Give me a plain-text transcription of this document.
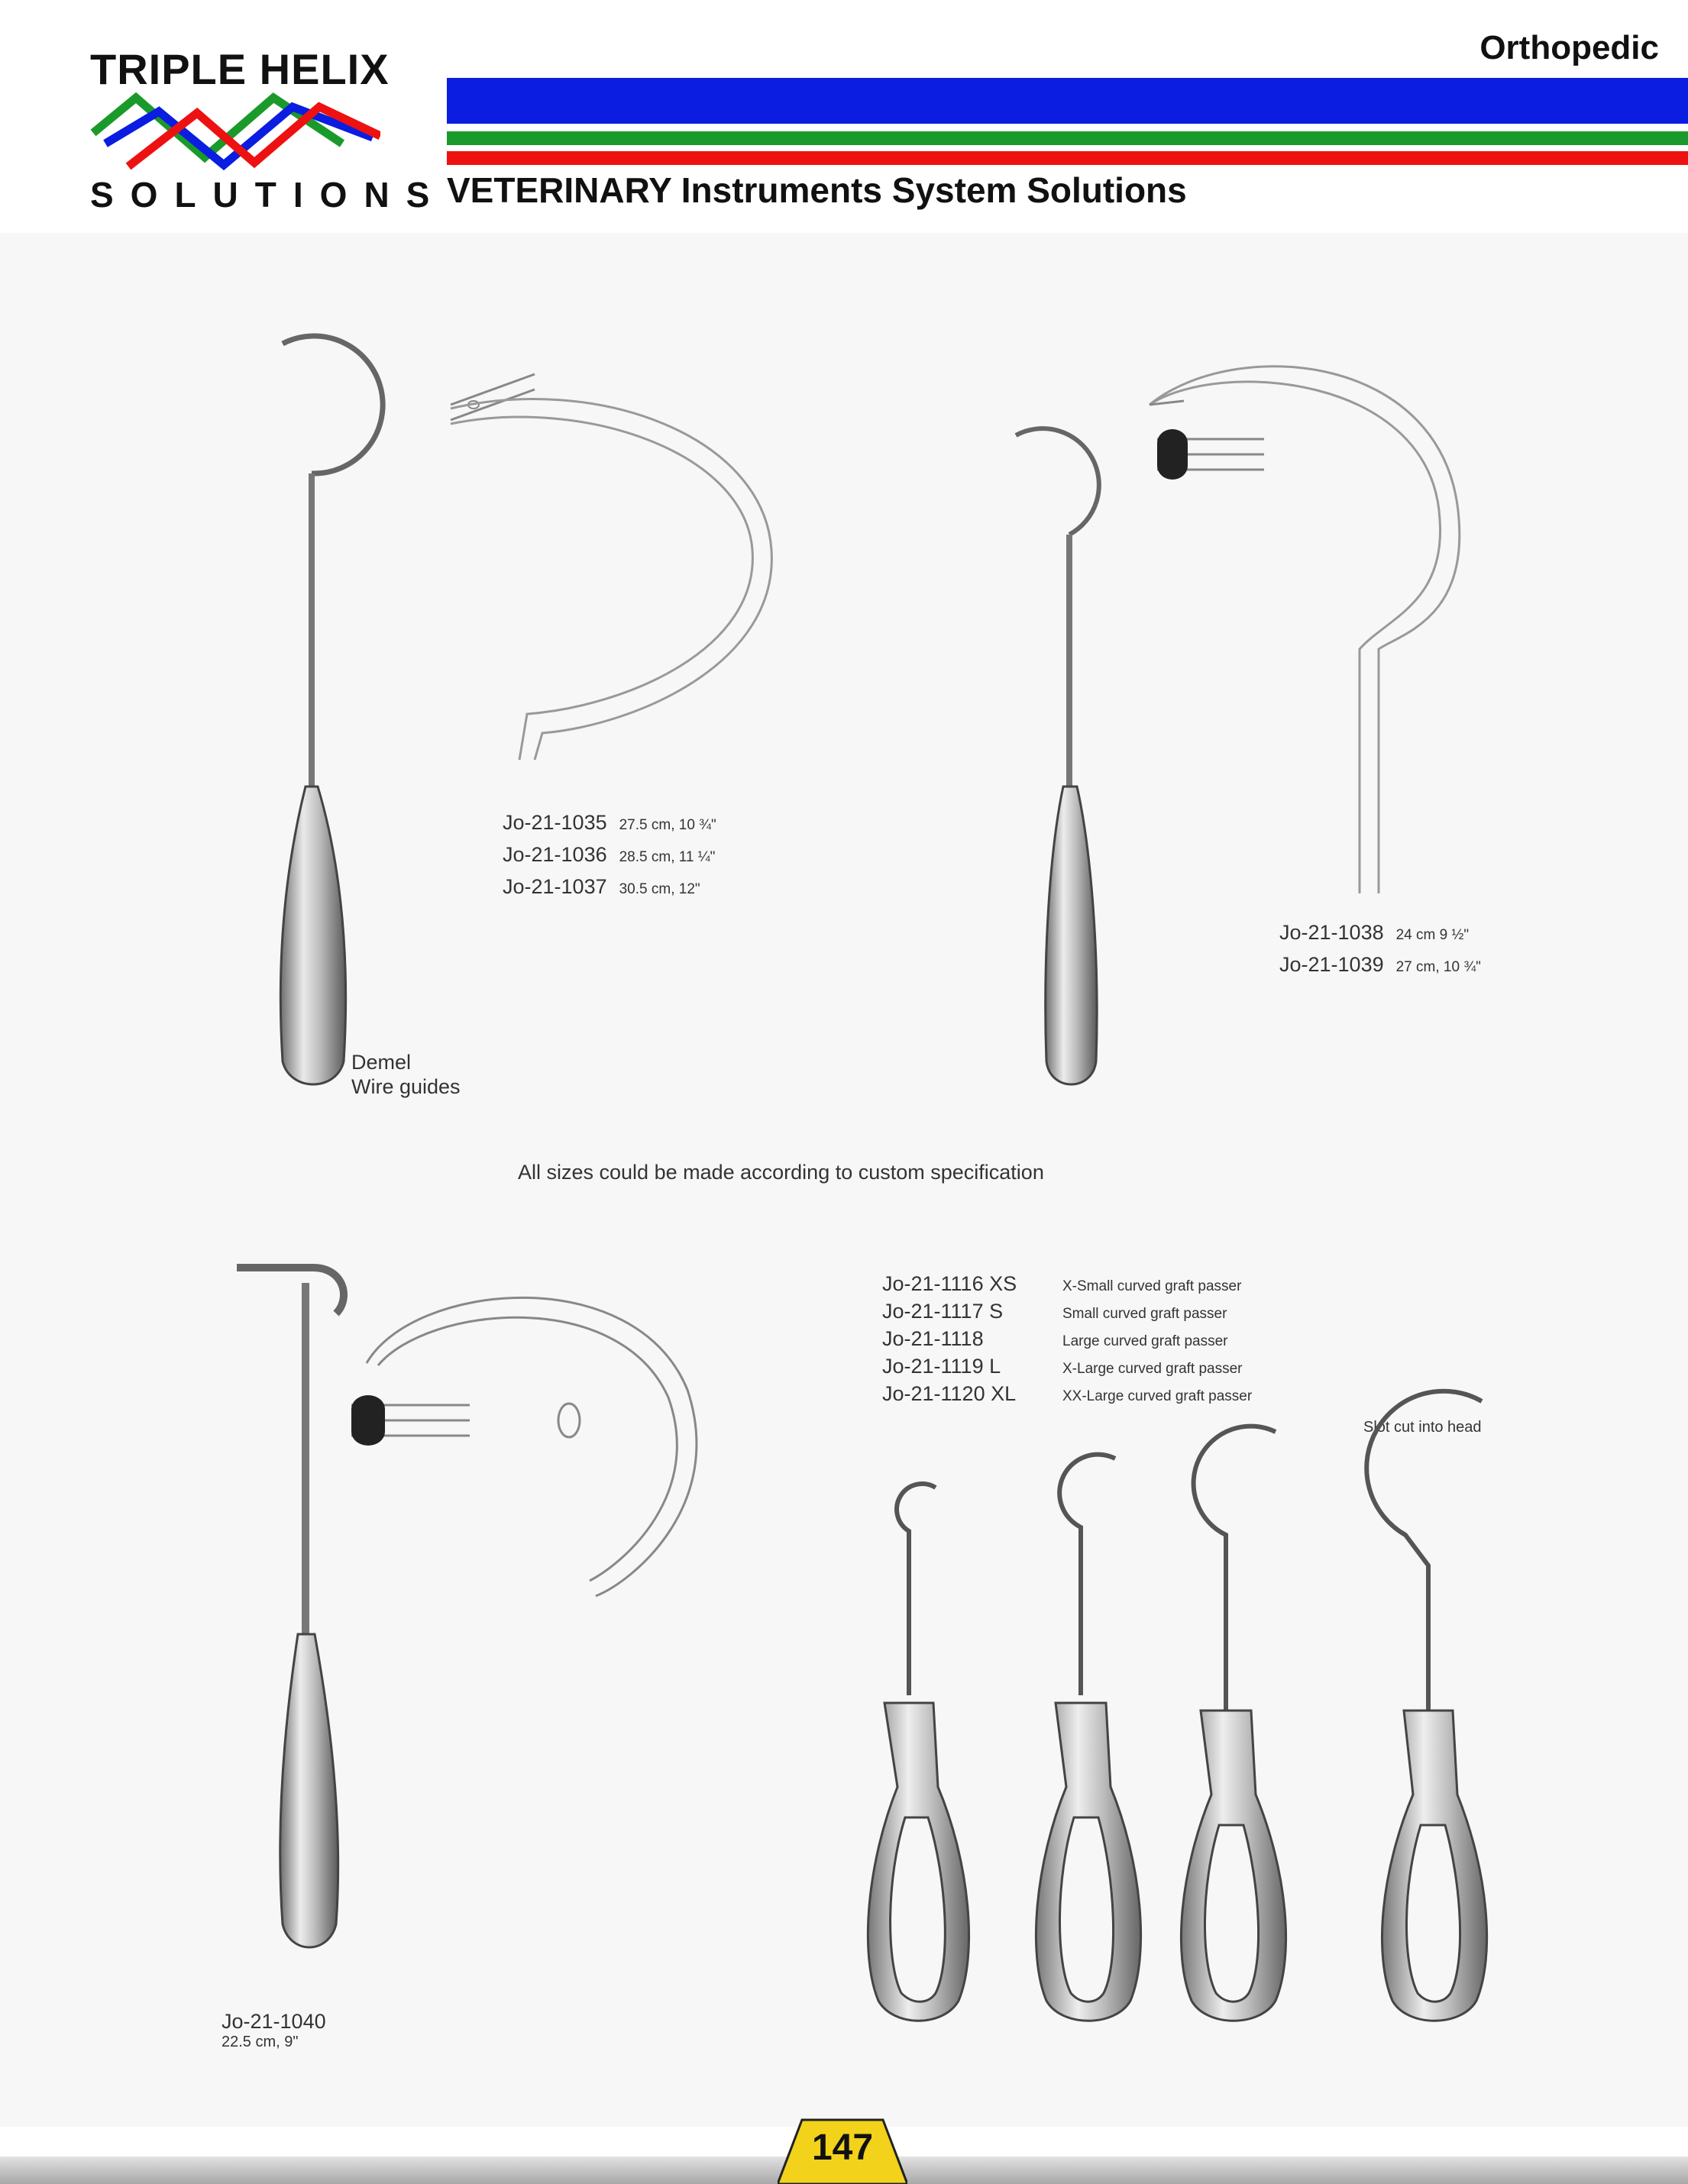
TRIPLE HELIX
SOLUTIONS
Orthopedic
VETERINARY Instruments System Solutions
Jo-21-1035 27.5 cm, 10 ¾"
Jo-21-1036 28.5 cm, 11 ¼"
Jo-21-1037 30.5 cm, 12"
Demel
Wire guides
Jo-21-1038 24 cm 9 ½"
Jo-21-1039 27 cm, 10 ¾"
All sizes could be made according to custom specification
Jo-21-1040
22.5 cm, 9"
Jo-21-1116 XS	X-Small curved graft passer
Jo-21-1117 S	Small curved graft passer
Jo-21-1118	Large curved graft passer
Jo-21-1119 L	X-Large curved graft passer
Jo-21-1120 XL	XX-Large curved graft passer
Slot cut into head
147
